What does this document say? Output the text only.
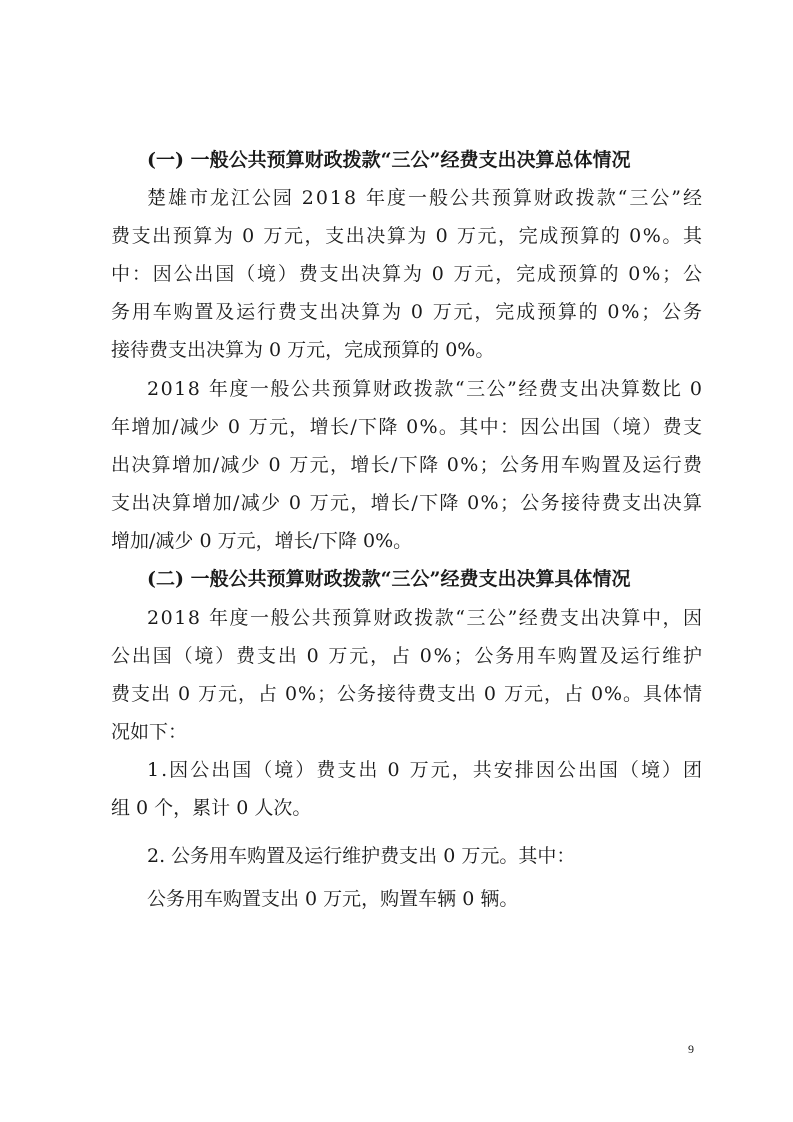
(一) 一般公共预算财政拨款“三公”经费支出决算总体情况
楚雄市龙江公园 2018 年度一般公共预算财政拨款“三公”经
费支出预算为 0 万元，支出决算为 0 万元，完成预算的 0%。其
中：因公出国（境）费支出决算为 0 万元，完成预算的 0%；公
务用车购置及运行费支出决算为 0 万元，完成预算的 0%；公务
接待费支出决算为 0 万元，完成预算的 0%。
2018 年度一般公共预算财政拨款“三公”经费支出决算数比 0
年增加/减少 0 万元，增长/下降 0%。其中：因公出国（境）费支
出决算增加/减少 0 万元，增长/下降 0%；公务用车购置及运行费
支出决算增加/减少 0 万元，增长/下降 0%；公务接待费支出决算
增加/减少 0 万元，增长/下降 0%。
(二) 一般公共预算财政拨款“三公”经费支出决算具体情况
2018 年度一般公共预算财政拨款“三公”经费支出决算中，因
公出国（境）费支出 0 万元，占 0%；公务用车购置及运行维护
费支出 0 万元，占 0%；公务接待费支出 0 万元，占 0%。具体情
况如下：
1.因公出国（境）费支出 0 万元，共安排因公出国（境）团
组 0 个，累计 0 人次。
2. 公务用车购置及运行维护费支出 0 万元。其中：
公务用车购置支出 0 万元，购置车辆 0 辆。
9
